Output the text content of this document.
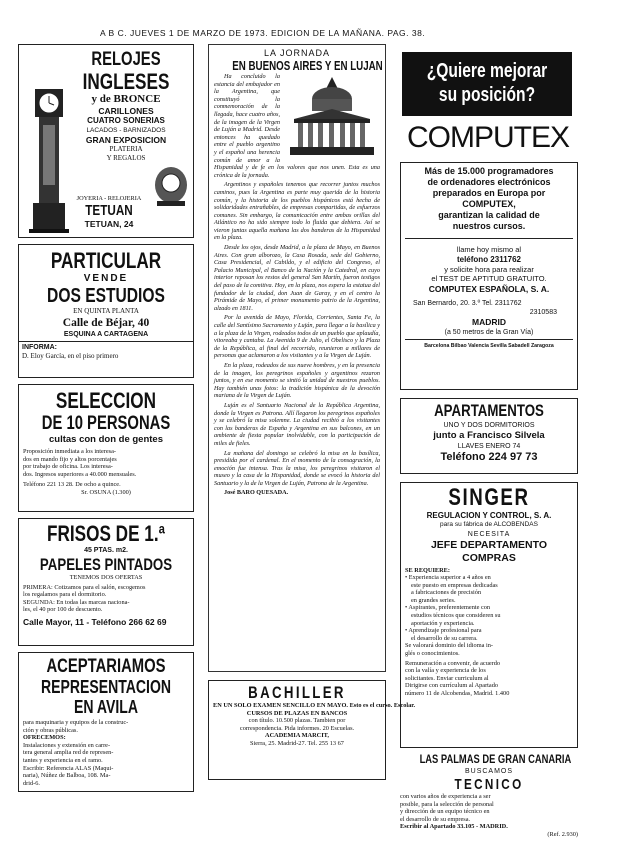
A B C. JUEVES 1 DE MARZO DE 1973. EDICION DE LA MAÑANA. PAG. 38.
RELOJES
INGLESES
y de BRONCE
CARILLONES
CUATRO SONERIAS
LACADOS - BARNIZADOS
GRAN EXPOSICION
PLATERIA
Y REGALOS
JOYERIA - RELOJERIA
TETUAN
TETUAN, 24
PARTICULAR
VENDE
DOS ESTUDIOS
EN QUINTA PLANTA
Calle de Béjar, 40
ESQUINA A CARTAGENA
INFORMA:
D. Eloy García, en el piso primero
SELECCION
DE 10 PERSONAS
cultas con don de gentes
Proposición inmediata a los interesa-
dos en mando fijo y altos porcentajes
por trabajo de oficina. Los interesa-
dos. Ingresos superiores a 40.000 mensuales.
Teléfono 221 13 28. De ocho a quince.
Sr. OSUNA (1.300)
FRISOS DE 1.ª
45 PTAS. m2.
PAPELES PINTADOS
TENEMOS DOS OFERTAS
PRIMERA: Cotizamos para el salón, escogemos
los regalamos para el dormitorio.
SEGUNDA: En todas las marcas naciona-
les, el 40 por 100 de descuento.
Calle Mayor, 11 - Teléfono 266 62 69
ACEPTARIAMOS
REPRESENTACION
EN AVILA
para maquinaria y equipos de la construc-
ción y obras públicas.
OFRECEMOS:
Instalaciones y extensión en carre-
tera general amplia red de represen-
tantes y experiencia en el ramo.
Escribir: Referencia ALAS (Maqui-
naria), Núñez de Balboa, 108. Ma-
drid-6.
LA JORNADA
EN BUENOS AIRES Y EN LUJAN

Ha concluido la estancia del embajador en la Argentina, que constituyó la conmemoración de la llegada, hace cuatro años, de la imagen de la Virgen de Luján a Madrid. Desde entonces ha quedado entre el pueblo argentino y el español una herencia común de amor a la Hispanidad y de fe en los valores que nos unen. Esta es una crónica de la jornada.

Argentinos y españoles tenemos que recorrer juntos muchos caminos, pues la Argentina es parte muy querida de la historia común, y la historia de los pueblos hispánicos está hecha de solidaridades entrañables, de empresas compartidas, de esfuerzos comunes. Sin embargo, la comunicación entre ambas orillas del Atlántico no ha sido siempre todo lo fluida que debiera. Así se vieron juntas aquella mañana las dos banderas de la Hispanidad en la plaza.

Desde los ojos, desde Madrid, a la plaza de Mayo, en Buenos Aires. Con gran alborozo, la Casa Rosada, sede del Gobierno, Casa Presidencial, el Cabildo, y el edificio del Congreso, el Palacio Municipal, el Banco de la Nación y la Catedral, en cuyo interior reposan los restos del general San Martín, fueron testigos del paso de la comitiva. Hoy, en la plaza, nos espera la estatua del fundador de la ciudad, don Juan de Garay, y en el centro la Pirámide de Mayo, el primer monumento patrio de la Argentina, alzado en 1811.

Por la avenida de Mayo, Florida, Corrientes, Santa Fe, la calle del Santísimo Sacramento y Luján, para llegar a la basílica y a la plaza de la Virgen, rodeados todos de un pueblo que aplaudía, vitoreaba y cantaba. La Avenida 9 de Julio, el Obelisco y la Plaza de la República, al final del recorrido, reunieron a millares de personas que aclamaron a los visitantes y a la Virgen de Luján.

En la plaza, rodeados de sus nueve hombres, y en la presencia de la imagen, los peregrinos españoles y argentinos rezaron juntos, y en ese momento se sintió la unidad de nuestros pueblos. Hay también unas fotos: la tradición hispánica de la devoción mariana de la Virgen de Luján.

Luján es el Santuario Nacional de la República Argentina, donde la Virgen es Patrona. Allí llegaron los peregrinos españoles y se celebró la misa solemne. La ciudad recibió a los visitantes con las banderas de España y Argentina en sus balcones, en un ambiente de fiesta popular inolvidable, con la participación de miles de fieles.

La mañana del domingo se celebró la misa en la basílica, presidida por el cardenal. En el momento de la consagración, la emoción fue intensa. Tras la misa, los peregrinos visitaron el museo y la casa de la Hispanidad, donde se evocó la historia del Santuario y la de la Virgen de Luján, Patrona de la Argentina.

José BARO QUESADA.

BACHILLER
EN UN SOLO EXAMEN SENCILLO EN MAYO. Esto es el curso. Escolar.
CURSOS DE PLAZAS EN BANCOS
con título. 10.500 plazas. Tambien por
correspondencia. Pida informes. 20 Escuelas.
ACADEMIA MARCIT,
Sierra, 25. Madrid-27. Tel. 255 13 67
¿Quiere mejorar
su posición?
COMPUTEX
Más de 15.000 programadores
de ordenadores electrónicos
preparados en Europa por
COMPUTEX,
garantizan la calidad de
nuestros cursos.
llame hoy mismo al
teléfono 2311762
y solicite hora para realizar
el TEST DE APTITUD GRATUITO.
COMPUTEX ESPAÑOLA, S. A.
San Bernardo, 20. 3.º Tel. 2311762
2310583
MADRID
(a 50 metros de la Gran Vía)
Barcelona Bilbao Valencia Sevilla Sabadell Zaragoza
APARTAMENTOS
UNO Y DOS DORMITORIOS
junto a Francisco Silvela
LLAVES ENERO 74
Teléfono 224 97 73
SINGER
REGULACION Y CONTROL, S. A.
para su fábrica de ALCOBENDAS
NECESITA
JEFE DEPARTAMENTO
COMPRAS
SE REQUIERE:
• Experiencia superior a 4 años en
este puesto en empresas dedicadas
a fabricaciones de precisión
en grandes series.
• Aspirantes, preferentemente con
estudios técnicos que consideren su
aportación y experiencia.
• Aprendizaje profesional para
el desarrollo de su carrera.
Se valorará dominio del idioma in-
glés o conocimientos.
Remuneración a convenir, de acuerdo
con la valía y experiencia de los
solicitantes. Enviar curriculum al
Dirigirse con currículum al Apartado
número 11 de Alcobendas, Madrid. 1.400
LAS PALMAS DE GRAN CANARIA
BUSCAMOS
TECNICO
con varios años de experiencia a ser
posible, para la selección de personal
y dirección de un equipo técnico en
el desarrollo de su empresa.
Escribir al Apartado 33.105 - MADRID.
(Ref. 2.930)
